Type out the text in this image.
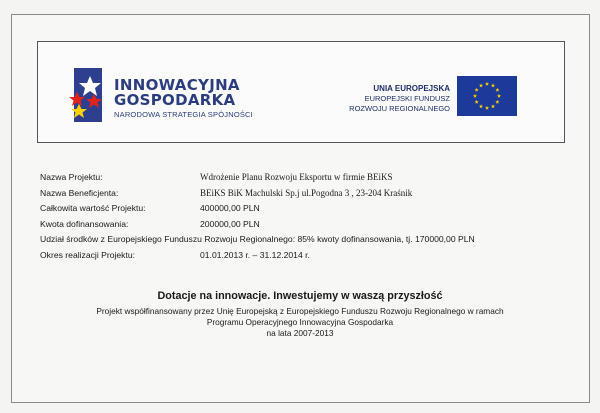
INNOWACYJNA
GOSPODARKA
NARODOWA STRATEGIA SPÓJNOŚCI
UNIA EUROPEJSKA
EUROPEJSKI FUNDUSZ
ROZWOJU REGIONALNEGO
Nazwa Projektu:	Wdrożenie Planu Rozwoju Eksportu w firmie BEiKS
Nazwa Beneficjenta:	BEiKS BiK Machulski Sp.j ul.Pogodna 3 , 23-204 Kraśnik
Całkowita wartość Projektu:	400000,00 PLN
Kwota dofinansowania:	200000,00 PLN
Udział środków z Europejskiego Funduszu Rozwoju Regionalnego: 85% kwoty dofinansowania, tj. 170000,00 PLN
Okres realizacji Projektu:	01.01.2013 r. – 31.12.2014 r.
Dotacje na innowacje. Inwestujemy w waszą przyszłość
Projekt współfinansowany przez Unię Europejską z Europejskiego Funduszu Rozwoju Regionalnego w ramach
Programu Operacyjnego Innowacyjna Gospodarka
na lata 2007-2013
